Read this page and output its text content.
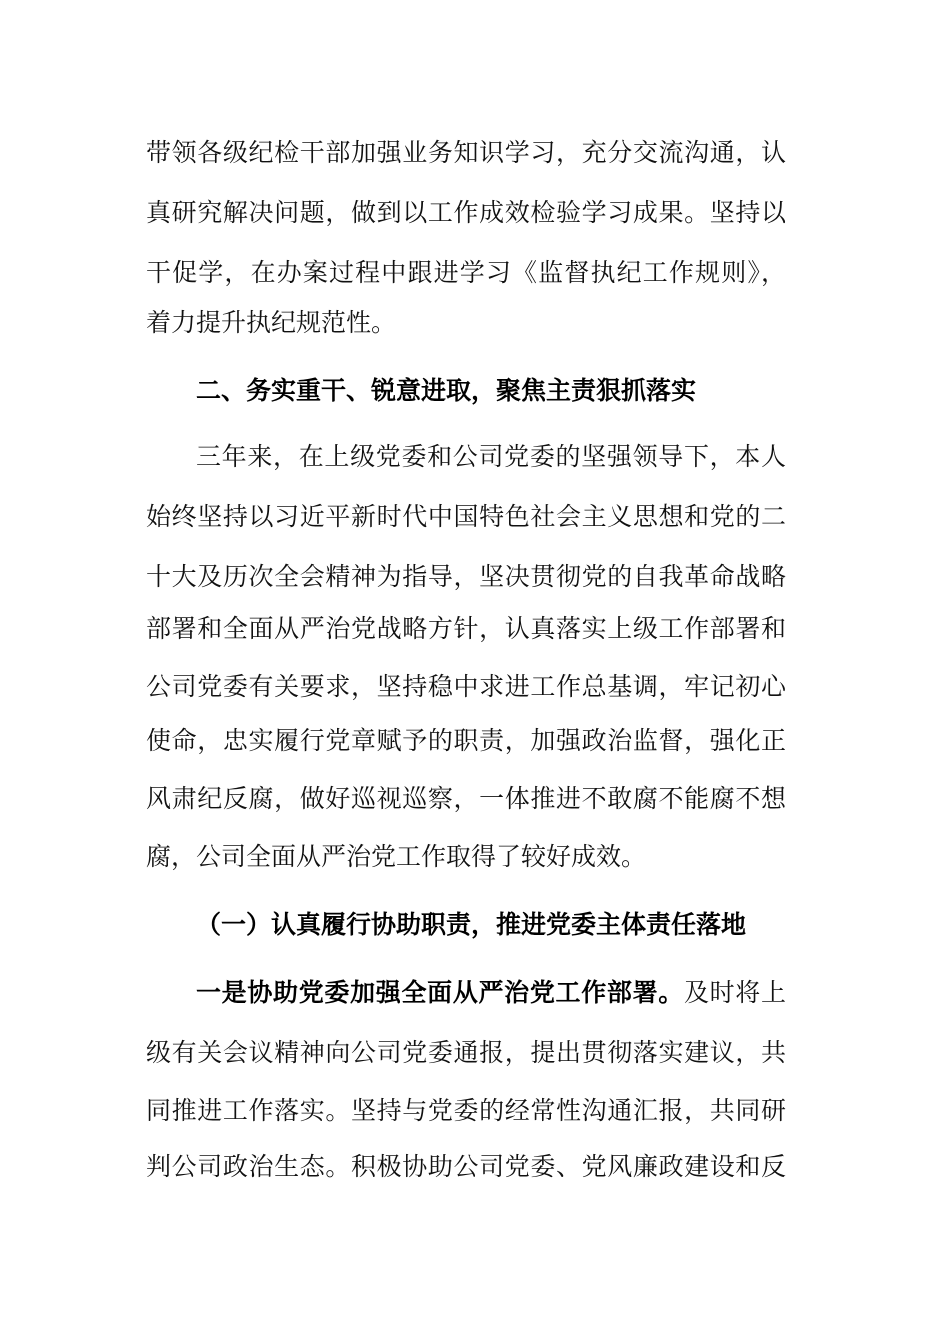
带领各级纪检干部加强业务知识学习，充分交流沟通，认
真研究解决问题，做到以工作成效检验学习成果。坚持以
干促学，在办案过程中跟进学习《监督执纪工作规则》，
着力提升执纪规范性。
二、务实重干、锐意进取，聚焦主责狠抓落实
三年来，在上级党委和公司党委的坚强领导下，本人
始终坚持以习近平新时代中国特色社会主义思想和党的二
十大及历次全会精神为指导，坚决贯彻党的自我革命战略
部署和全面从严治党战略方针，认真落实上级工作部署和
公司党委有关要求，坚持稳中求进工作总基调，牢记初心
使命，忠实履行党章赋予的职责，加强政治监督，强化正
风肃纪反腐，做好巡视巡察，一体推进不敢腐不能腐不想
腐，公司全面从严治党工作取得了较好成效。
（一）认真履行协助职责，推进党委主体责任落地
一是协助党委加强全面从严治党工作部署。及时将上
级有关会议精神向公司党委通报，提出贯彻落实建议，共
同推进工作落实。坚持与党委的经常性沟通汇报，共同研
判公司政治生态。积极协助公司党委、党风廉政建设和反
